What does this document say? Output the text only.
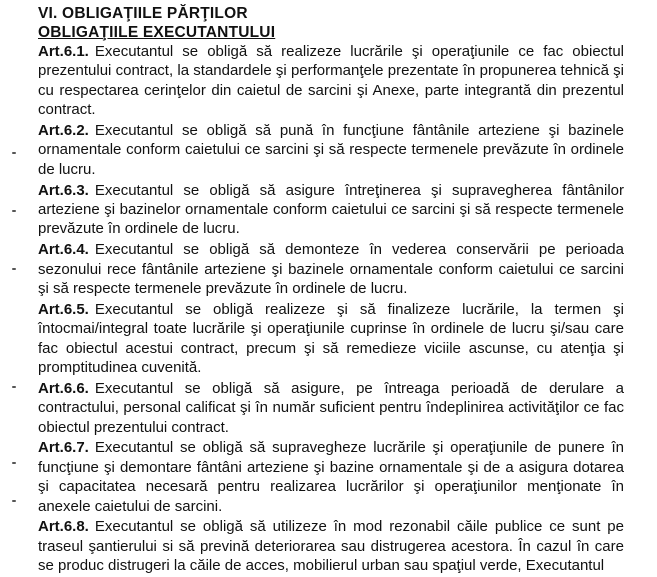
VI. OBLIGAŢIILE PĂRŢILOR
OBLIGAŢIILE EXECUTANTULUI

Art.6.1. Executantul se obligă să realizeze lucrările şi operaţiunile ce fac obiectul prezentului contract, la standardele şi performanţele prezentate în propunerea tehnică şi cu respectarea cerinţelor din caietul de sarcini şi Anexe, parte integrantă din prezentul contract.

Art.6.2. Executantul se obligă să pună în funcţiune fântânile arteziene şi bazinele ornamentale conform caietului ce sarcini şi să respecte termenele prevăzute în ordinele de lucru.

Art.6.3. Executantul se obligă să asigure întreţinerea şi supravegherea fântânilor arteziene şi bazinelor ornamentale conform caietului ce sarcini şi să respecte termenele prevăzute în ordinele de lucru.

Art.6.4. Executantul se obligă să demonteze în vederea conservării pe perioada sezonului rece fântânile arteziene şi bazinele ornamentale conform caietului ce sarcini şi să respecte termenele prevăzute în ordinele de lucru.

Art.6.5. Executantul se obligă realizeze şi să finalizeze lucrările, la termen şi întocmai/integral toate lucrările şi operaţiunile cuprinse în ordinele de lucru şi/sau care fac obiectul acestui contract, precum şi să remedieze viciile ascunse, cu atenţia şi promptitudinea cuvenită.

Art.6.6. Executantul se obligă să asigure, pe întreaga perioadă de derulare a contractului, personal calificat şi în număr suficient pentru îndeplinirea activităţilor ce fac obiectul prezentului contract.

Art.6.7. Executantul se obligă să supravegheze lucrările şi operaţiunile de punere în funcţiune şi demontare fântâni arteziene şi bazine ornamentale şi de a asigura dotarea şi capacitatea necesară pentru realizarea lucrărilor şi operaţiunilor menţionate în anexele caietului de sarcini.

Art.6.8. Executantul se obligă să utilizeze în mod rezonabil căile publice ce sunt pe traseul şantierului si să prevină deteriorarea sau distrugerea acestora. În cazul în care se produc distrugeri la căile de acces, mobilierul urban sau spaţiul verde, Executantul
